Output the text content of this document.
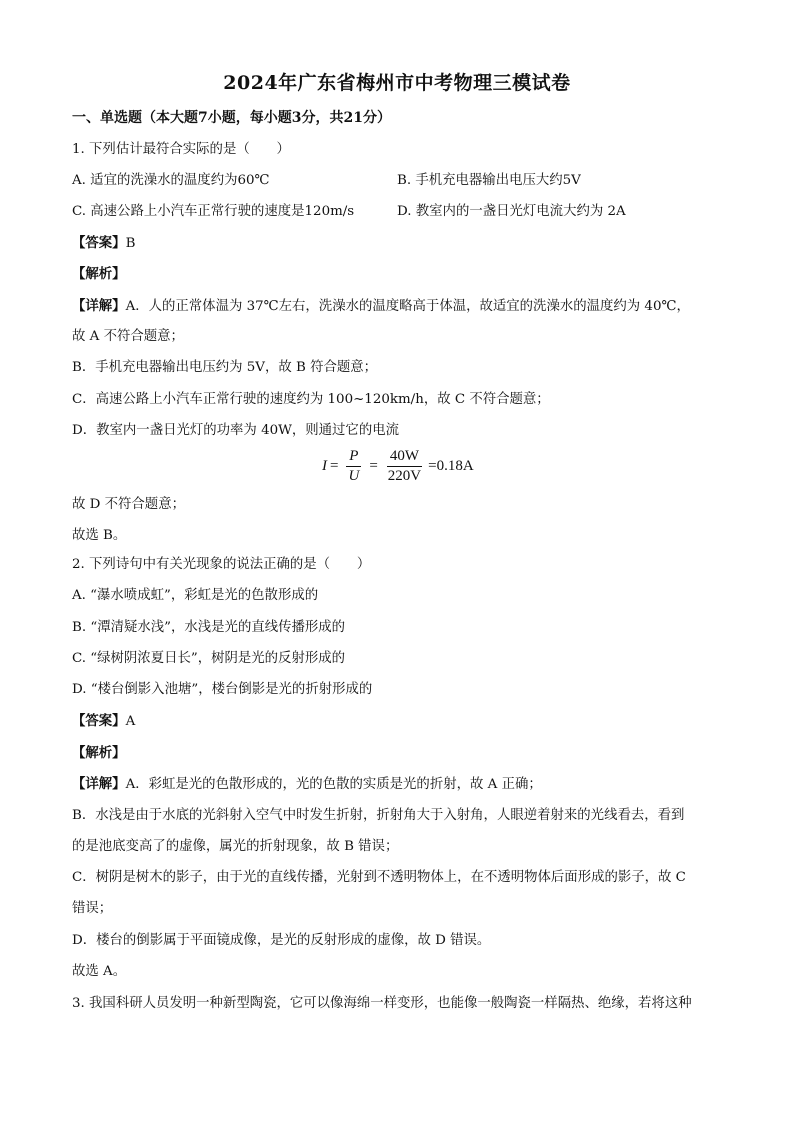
2024年广东省梅州市中考物理三模试卷
一、单选题（本大题7小题，每小题3分，共21分）
1. 下列估计最符合实际的是（　　）
A. 适宜的洗澡水的温度约为60℃	B. 手机充电器输出电压大约5V
C. 高速公路上小汽车正常行驶的速度是120m/s	D. 教室内的一盏日光灯电流大约为 2A
【答案】B
【解析】
【详解】A．人的正常体温为 37℃左右，洗澡水的温度略高于体温，故适宜的洗澡水的温度约为 40℃，
故 A 不符合题意；
B．手机充电器输出电压约为 5V，故 B 符合题意；
C．高速公路上小汽车正常行驶的速度约为 100~120km/h，故 C 不符合题意；
D．教室内一盏日光灯的功率为 40W，则通过它的电流
$I = \frac{P}{U} = \frac{40W}{220V} =0.18A$
故 D 不符合题意；
故选 B。
2. 下列诗句中有关光现象的说法正确的是（　　）
A. “瀑水喷成虹”，彩虹是光的色散形成的
B. “潭清疑水浅”，水浅是光的直线传播形成的
C. “绿树阴浓夏日长”，树阴是光的反射形成的
D. “楼台倒影入池塘”，楼台倒影是光的折射形成的
【答案】A
【解析】
【详解】A．彩虹是光的色散形成的，光的色散的实质是光的折射，故 A 正确；
B．水浅是由于水底的光斜射入空气中时发生折射，折射角大于入射角，人眼逆着射来的光线看去，看到
的是池底变高了的虚像，属光的折射现象，故 B 错误；
C．树阴是树木的影子，由于光的直线传播，光射到不透明物体上，在不透明物体后面形成的影子，故 C
错误；
D．楼台的倒影属于平面镜成像，是光的反射形成的虚像，故 D 错误。
故选 A。
3. 我国科研人员发明一种新型陶瓷，它可以像海绵一样变形，也能像一般陶瓷一样隔热、绝缘，若将这种
